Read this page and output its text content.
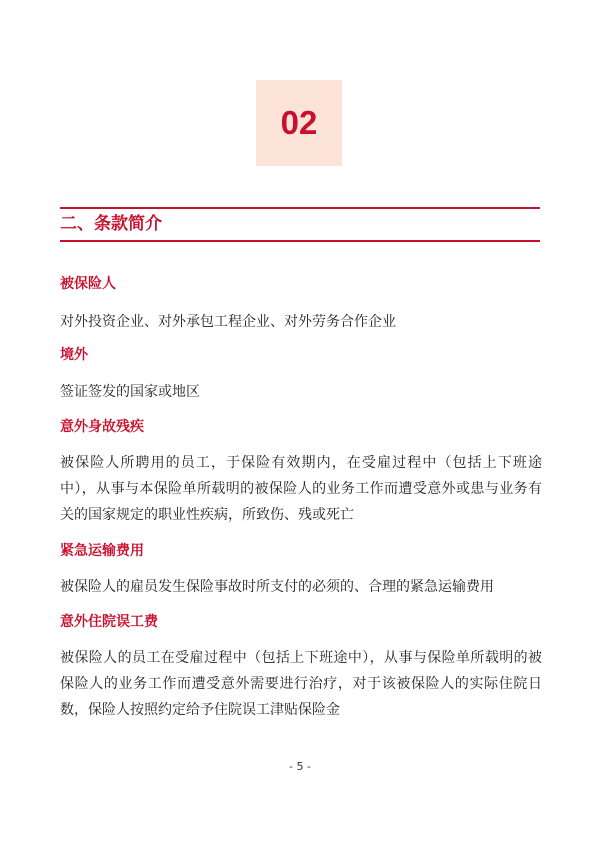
02
二、条款简介

被保险人

对外投资企业、对外承包工程企业、对外劳务合作企业

境外

签证签发的国家或地区

意外身故残疾

被保险人所聘用的员工，于保险有效期内，在受雇过程中（包括上下班途中），从事与本保险单所载明的被保险人的业务工作而遭受意外或患与业务有关的国家规定的职业性疾病，所致伤、残或死亡

紧急运输费用

被保险人的雇员发生保险事故时所支付的必须的、合理的紧急运输费用

意外住院误工费

被保险人的员工在受雇过程中（包括上下班途中），从事与保险单所载明的被保险人的业务工作而遭受意外需要进行治疗，对于该被保险人的实际住院日数，保险人按照约定给予住院误工津贴保险金

- 5 -
